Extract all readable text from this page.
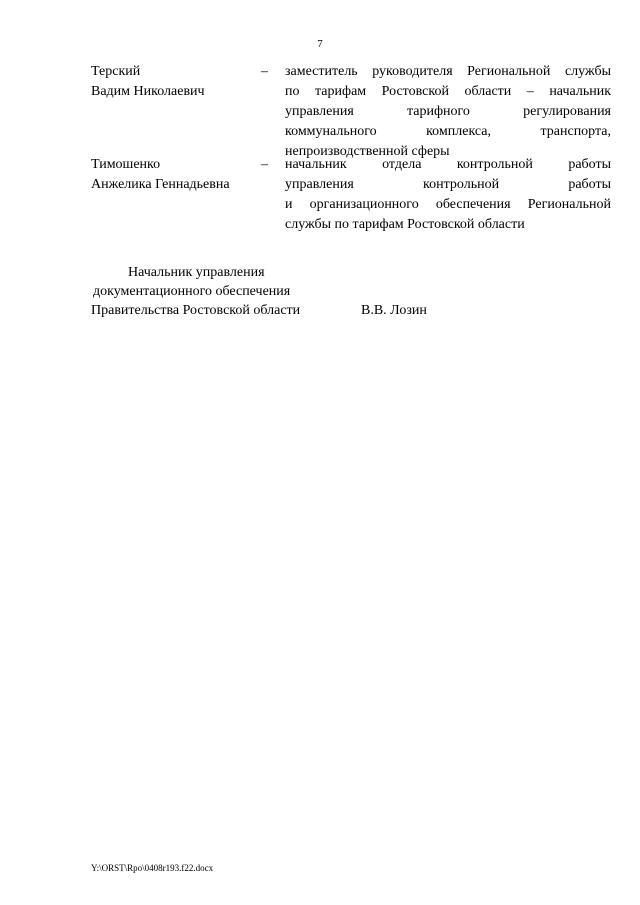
7
Терский
Вадим Николаевич
– заместитель руководителя Региональной службы
по тарифам Ростовской области – начальник
управления тарифного регулирования
коммунального комплекса, транспорта,
непроизводственной сферы
Тимошенко
Анжелика Геннадьевна
– начальник отдела контрольной работы
управления контрольной работы
и организационного обеспечения Региональной
службы по тарифам Ростовской области
Начальник управления
документационного обеспечения
Правительства Ростовской области	В.В. Лозин
Y:\ORST\Rpo\0408r193.f22.docx
